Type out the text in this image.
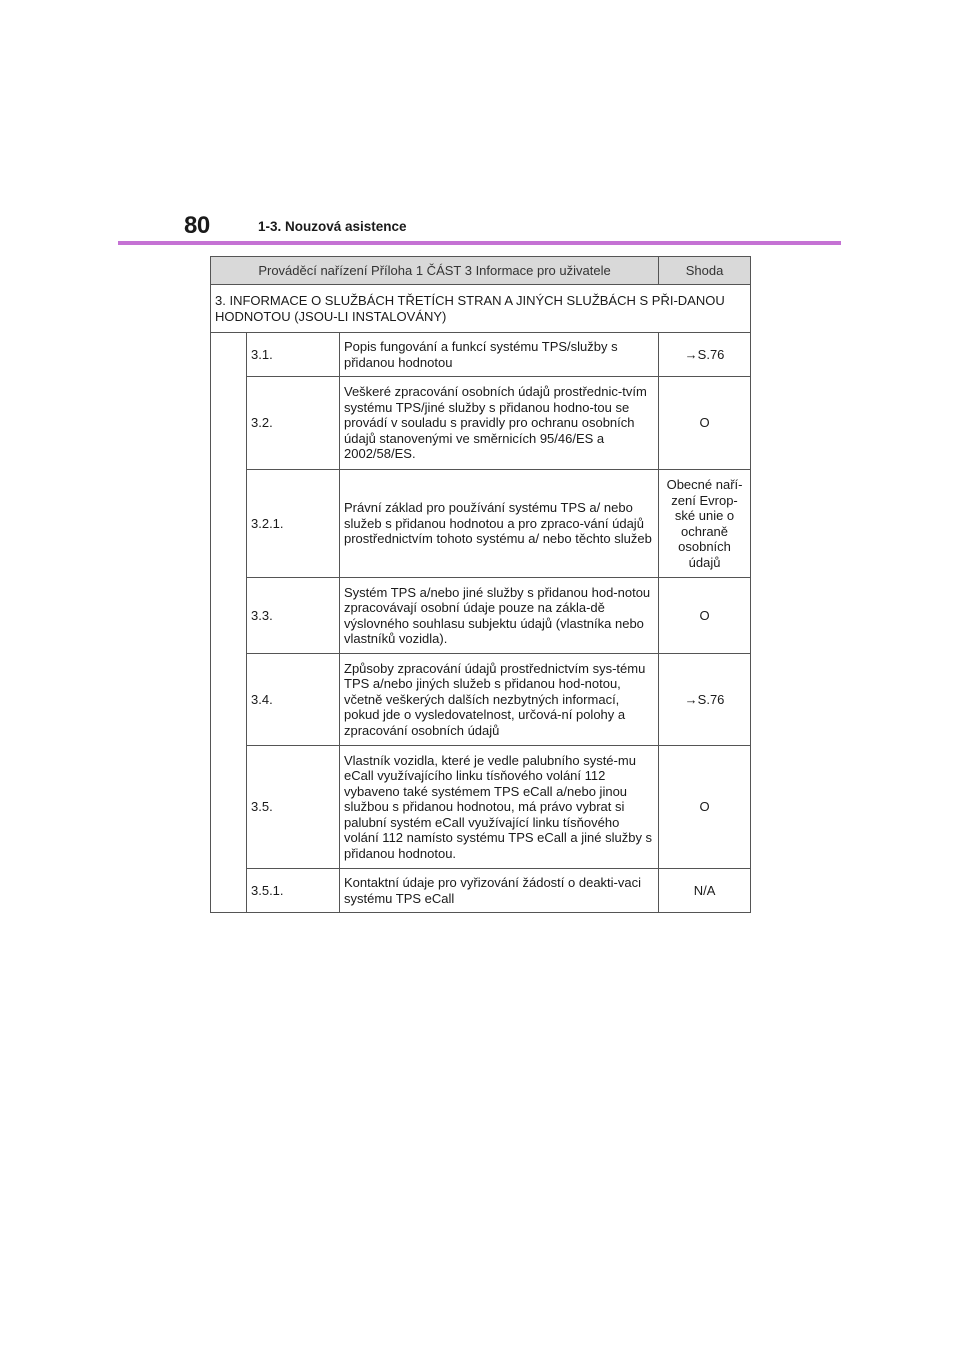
80	1-3. Nouzová asistence
Prováděcí nařízení Příloha 1 ČÁST 3 Informace pro uživatele			Shoda
3. INFORMACE O SLUŽBÁCH TŘETÍCH STRAN A JINÝCH SLUŽBÁCH S PŘI-DANOU HODNOTOU (JSOU-LI INSTALOVÁNY)			
	3.1.	Popis fungování a funkcí systému TPS/služby s přidanou hodnotou	→S.76
	3.2.	Veškeré zpracování osobních údajů prostřednic-tvím systému TPS/jiné služby s přidanou hodno-tou se provádí v souladu s pravidly pro ochranu osobních údajů stanovenými ve směrnicích 95/46/ES a 2002/58/ES.	O
	3.2.1.	Právní základ pro používání systému TPS a/ nebo služeb s přidanou hodnotou a pro zpraco-vání údajů prostřednictvím tohoto systému a/ nebo těchto služeb	Obecné naří-zení Evrop-ské unie o ochraně osobních údajů
	3.3.	Systém TPS a/nebo jiné služby s přidanou hod-notou zpracovávají osobní údaje pouze na zákla-dě výslovného souhlasu subjektu údajů (vlastníka nebo vlastníků vozidla).	O
	3.4.	Způsoby zpracování údajů prostřednictvím sys-tému TPS a/nebo jiných služeb s přidanou hod-notou, včetně veškerých dalších nezbytných informací, pokud jde o vysledovatelnost, určová-ní polohy a zpracování osobních údajů	→S.76
	3.5.	Vlastník vozidla, které je vedle palubního systé-mu eCall využívajícího linku tísňového volání 112 vybaveno také systémem TPS eCall a/nebo jinou službou s přidanou hodnotou, má právo vybrat si palubní systém eCall využívající linku tísňového volání 112 namísto systému TPS eCall a jiné služby s přidanou hodnotou.	O
	3.5.1.	Kontaktní údaje pro vyřizování žádostí o deakti-vaci systému TPS eCall	N/A
